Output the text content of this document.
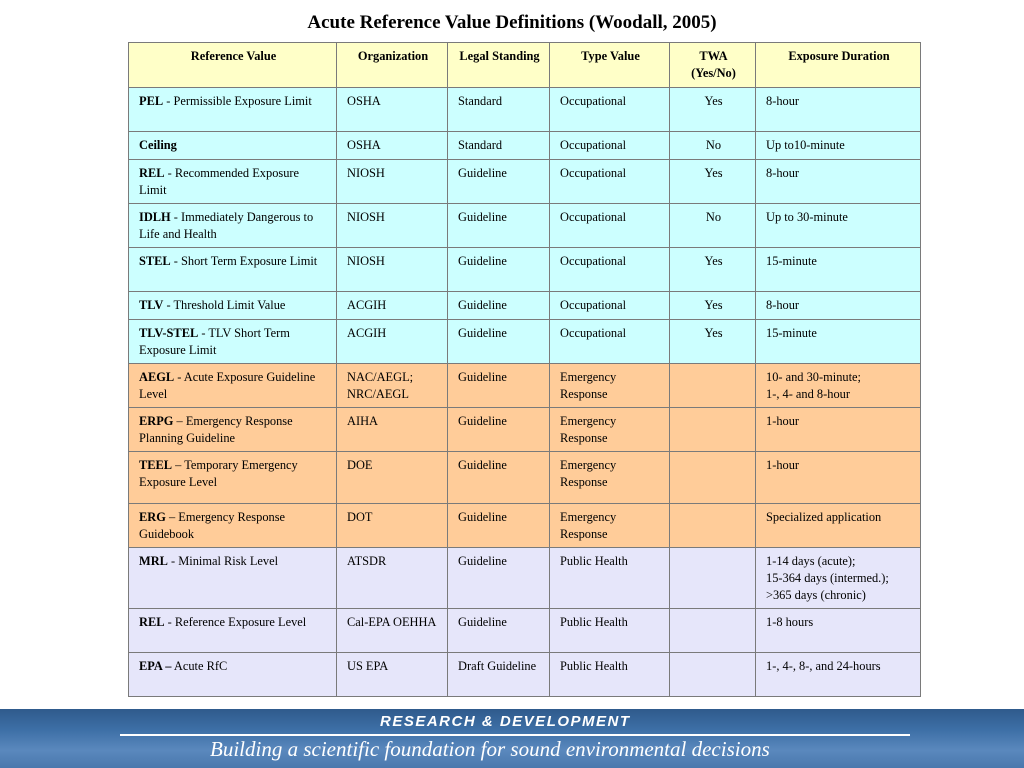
Acute Reference Value Definitions (Woodall, 2005)
Reference Value	Organization	Legal Standing	Type Value	TWA (Yes/No)	Exposure Duration
PEL - Permissible Exposure Limit	OSHA	Standard	Occupational	Yes	8-hour

Ceiling	OSHA	Standard	Occupational	No	Up to10-minute

REL - Recommended Exposure Limit	NIOSH	Guideline	Occupational	Yes	8-hour

IDLH - Immediately Dangerous to Life and Health	NIOSH	Guideline	Occupational	No	Up to 30-minute

STEL - Short Term Exposure Limit	NIOSH	Guideline	Occupational	Yes	15-minute

TLV - Threshold Limit Value	ACGIH	Guideline	Occupational	Yes	8-hour

TLV-STEL - TLV Short Term Exposure Limit	ACGIH	Guideline	Occupational	Yes	15-minute

AEGL - Acute Exposure Guideline Level	NAC/AEGL; NRC/AEGL	Guideline	Emergency Response		10- and 30-minute;
1-, 4- and 8-hour

ERPG – Emergency Response Planning Guideline	AIHA	Guideline	Emergency Response		1-hour

TEEL – Temporary Emergency Exposure Level	DOE	Guideline	Emergency Response		1-hour

ERG – Emergency Response Guidebook	DOT	Guideline	Emergency Response		Specialized application

MRL - Minimal Risk Level	ATSDR	Guideline	Public Health		1-14 days (acute);
15-364 days (intermed.);
>365 days (chronic)

REL - Reference Exposure Level	Cal-EPA OEHHA	Guideline	Public Health		1-8 hours

EPA – Acute RfC	US EPA	Draft Guideline	Public Health		1-, 4-, 8-, and 24-hours
RESEARCH & DEVELOPMENT
Building a scientific foundation for sound environmental decisions
